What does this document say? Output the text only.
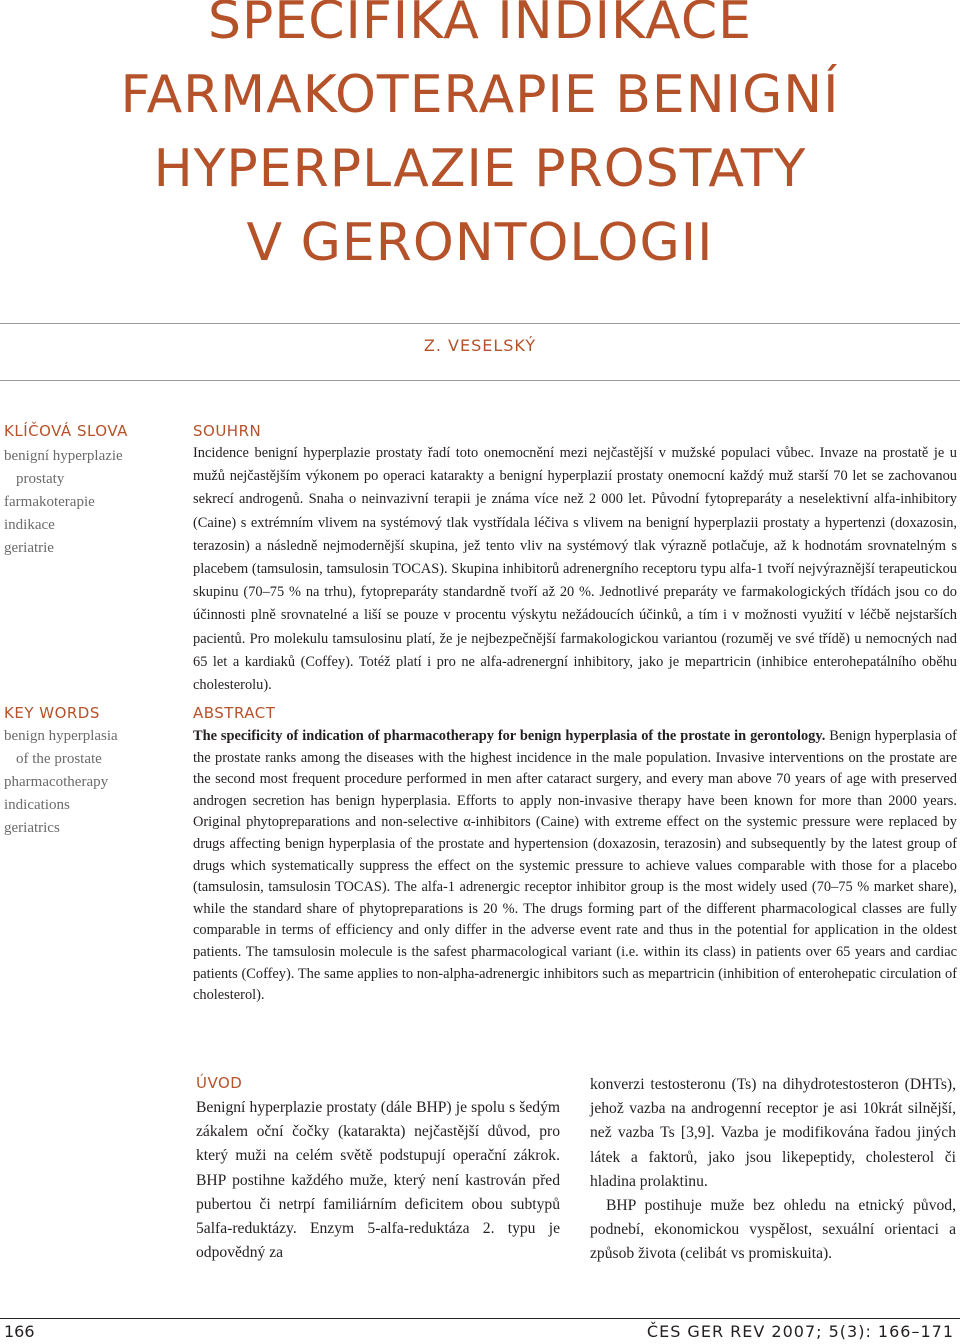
SPECIFIKA INDIKACE
FARMAKOTERAPIE BENIGNÍ
HYPERPLAZIE PROSTATY
V GERONTOLOGII
Z. VESELSKÝ
KLÍČOVÁ SLOVA
benigní hyperplazie
prostaty
farmakoterapie
indikace
geriatrie
KEY WORDS
benign hyperplasia
of the prostate
pharmacotherapy
indications
geriatrics
SOUHRN

Incidence benigní hyperplazie prostaty řadí toto onemocnění mezi nejčastější v mužské populaci vůbec. Invaze na prostatě je u mužů nejčastějším výkonem po operaci katarakty a benigní hyperplazií prostaty onemocní každý muž starší 70 let se zachovanou sekrecí androgenů. Snaha o neinvazivní terapii je známa více než 2 000 let. Původní fytopreparáty a neselektivní alfa-inhibitory (Caine) s extrémním vlivem na systémový tlak vystřídala léčiva s vlivem na benigní hyperplazii prostaty a hypertenzi (doxazosin, terazosin) a následně nejmodernější skupina, jež tento vliv na systémový tlak výrazně potlačuje, až k hodnotám srovnatelným s placebem (tamsulosin, tamsulosin TOCAS). Skupina inhibitorů adrenergního receptoru typu alfa-1 tvoří nejvýraznější terapeutickou skupinu (70–75 % na trhu), fytopreparáty standardně tvoří až 20 %. Jednotlivé preparáty ve farmakologických třídách jsou co do účinnosti plně srovnatelné a liší se pouze v procentu výskytu nežádoucích účinků, a tím i v možnosti využití v léčbě nejstarších pacientů. Pro molekulu tamsulosinu platí, že je nejbezpečnější farmakologickou variantou (rozuměj ve své třídě) u nemocných nad 65 let a kardiaků (Coffey). Totéž platí i pro ne alfa-adrenergní inhibitory, jako je mepartricin (inhibice enterohepatálního oběhu cholesterolu).

ABSTRACT

The specificity of indication of pharmacotherapy for benign hyperplasia of the prostate in gerontology. Benign hyperplasia of the prostate ranks among the diseases with the highest incidence in the male population. Invasive interventions on the prostate are the second most frequent procedure performed in men after cataract surgery, and every man above 70 years of age with preserved androgen secretion has benign hyperplasia. Efforts to apply non-invasive therapy have been known for more than 2000 years. Original phytopreparations and non-selective α-inhibitors (Caine) with extreme effect on the systemic pressure were replaced by drugs affecting benign hyperplasia of the prostate and hypertension (doxazosin, terazosin) and subsequently by the latest group of drugs which systematically suppress the effect on the systemic pressure to achieve values comparable with those for a placebo (tamsulosin, tamsulosin TOCAS). The alfa-1 adrenergic receptor inhibitor group is the most widely used (70–75 % market share), while the standard share of phytopreparations is 20 %. The drugs forming part of the different pharmacological classes are fully comparable in terms of efficiency and only differ in the adverse event rate and thus in the potential for application in the oldest patients. The tamsulosin molecule is the safest pharmacological variant (i.e. within its class) in patients over 65 years and cardiac patients (Coffey). The same applies to non-alpha-adrenergic inhibitors such as mepartricin (inhibition of enterohepatic circulation of cholesterol).

ÚVOD

Benigní hyperplazie prostaty (dále BHP) je spolu s šedým zákalem oční čočky (katarakta) nejčastější důvod, pro který muži na celém světě podstupují operační zákrok. BHP postihne každého muže, který není kastrován před pubertou či netrpí familiárním deficitem obou subtypů 5alfa-reduktázy. Enzym 5-alfa-reduktáza 2. typu je odpovědný za

konverzi testosteronu (Ts) na dihydrotestosteron (DHTs), jehož vazba na androgenní receptor je asi 10krát silnější, než vazba Ts [3,9]. Vazba je modifikována řadou jiných látek a faktorů, jako jsou likepeptidy, cholesterol či hladina prolaktinu.

BHP postihuje muže bez ohledu na etnický původ, podnebí, ekonomickou vyspělost, sexuální orientaci a způsob života (celibát vs promiskuita).

166	ČES GER REV 2007; 5(3): 166–171
